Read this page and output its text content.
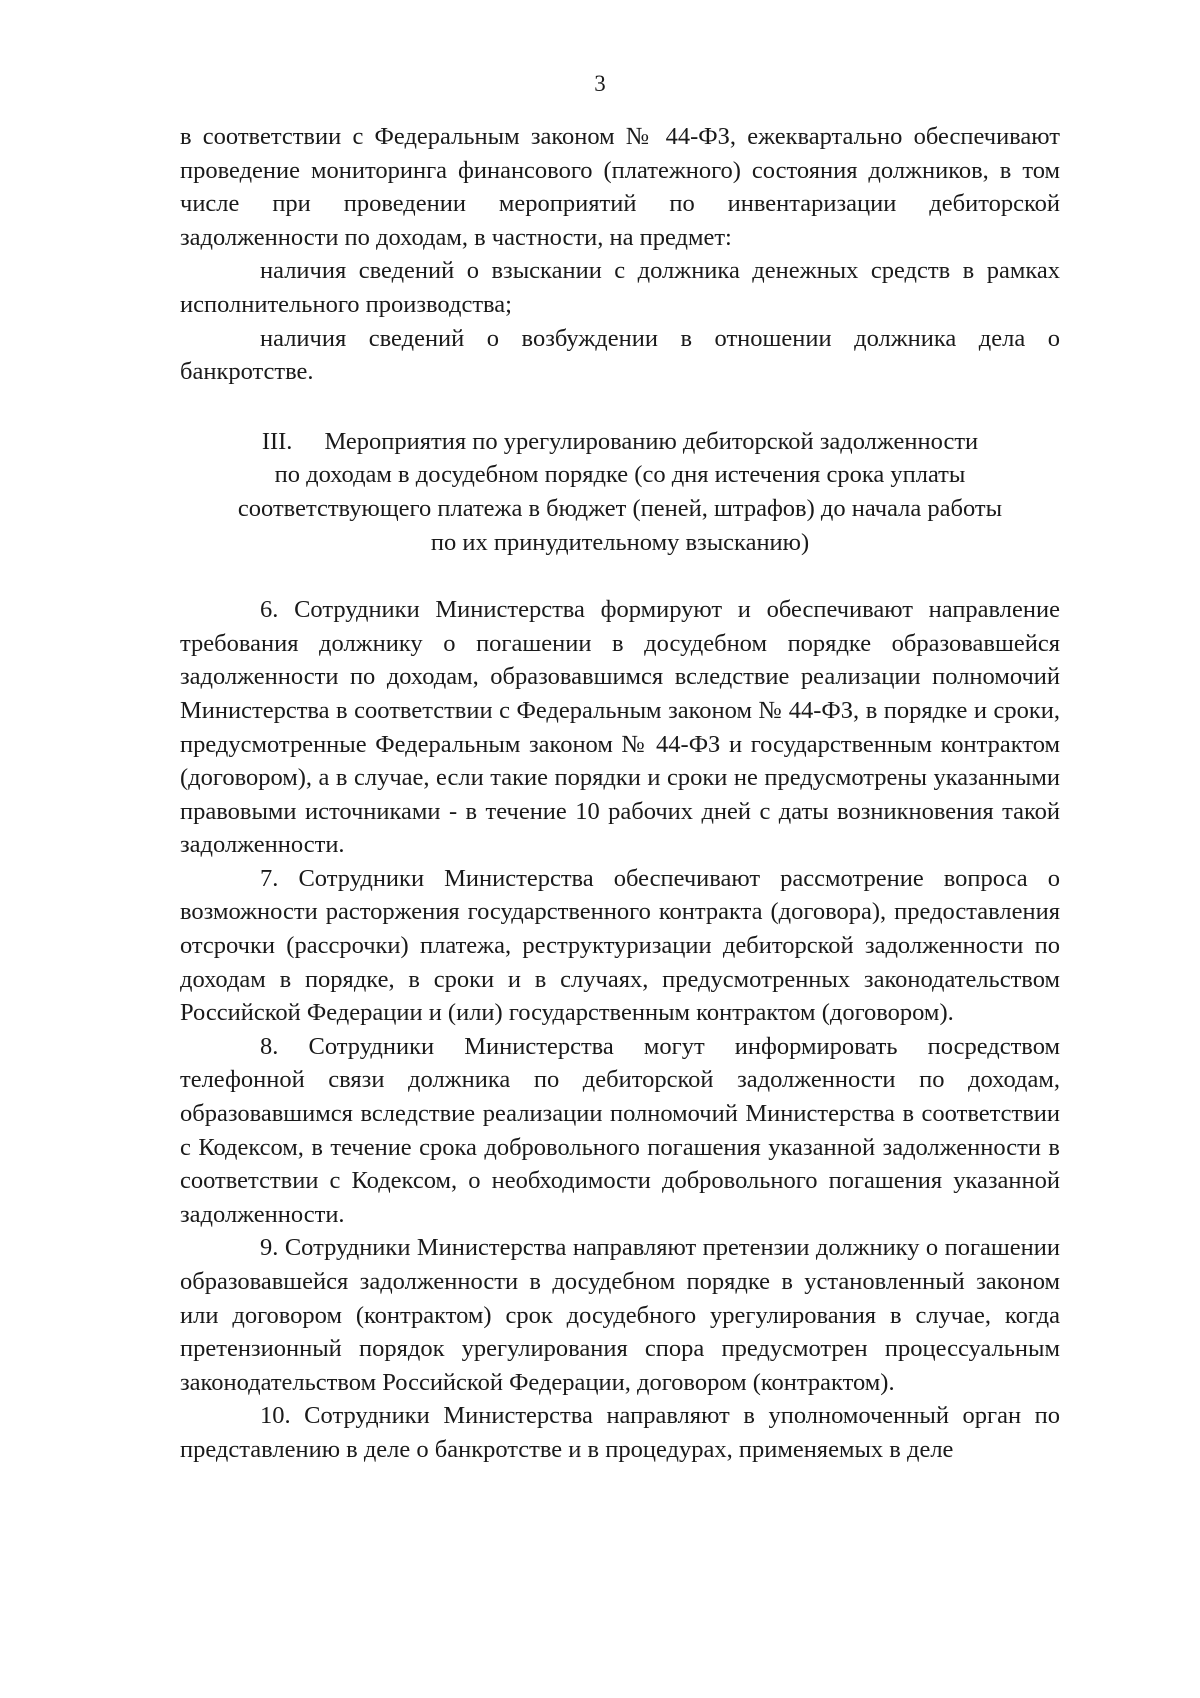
3

в соответствии с Федеральным законом № 44-ФЗ, ежеквартально обеспечивают проведение мониторинга финансового (платежного) состояния должников, в том числе при проведении мероприятий по инвентаризации дебиторской задолженности по доходам, в частности, на предмет:

наличия сведений о взыскании с должника денежных средств в рамках исполнительного производства;

наличия сведений о возбуждении в отношении должника дела о банкротстве.

III. Мероприятия по урегулированию дебиторской задолженности
по доходам в досудебном порядке (со дня истечения срока уплаты
соответствующего платежа в бюджет (пеней, штрафов) до начала работы
по их принудительному взысканию)

6. Сотрудники Министерства формируют и обеспечивают направление требования должнику о погашении в досудебном порядке образовавшейся задолженности по доходам, образовавшимся вследствие реализации полномочий Министерства в соответствии с Федеральным законом № 44-ФЗ, в порядке и сроки, предусмотренные Федеральным законом № 44-ФЗ и государственным контрактом (договором), а в случае, если такие порядки и сроки не предусмотрены указанными правовыми источниками - в течение 10 рабочих дней с даты возникновения такой задолженности.

7. Сотрудники Министерства обеспечивают рассмотрение вопроса о возможности расторжения государственного контракта (договора), предоставления отсрочки (рассрочки) платежа, реструктуризации дебиторской задолженности по доходам в порядке, в сроки и в случаях, предусмотренных законодательством Российской Федерации и (или) государственным контрактом (договором).

8. Сотрудники Министерства могут информировать посредством телефонной связи должника по дебиторской задолженности по доходам, образовавшимся вследствие реализации полномочий Министерства в соответствии с Кодексом, в течение срока добровольного погашения указанной задолженности в соответствии с Кодексом, о необходимости добровольного погашения указанной задолженности.

9. Сотрудники Министерства направляют претензии должнику о погашении образовавшейся задолженности в досудебном порядке в установленный законом или договором (контрактом) срок досудебного урегулирования в случае, когда претензионный порядок урегулирования спора предусмотрен процессуальным законодательством Российской Федерации, договором (контрактом).

10. Сотрудники Министерства направляют в уполномоченный орган по представлению в деле о банкротстве и в процедурах, применяемых в деле
